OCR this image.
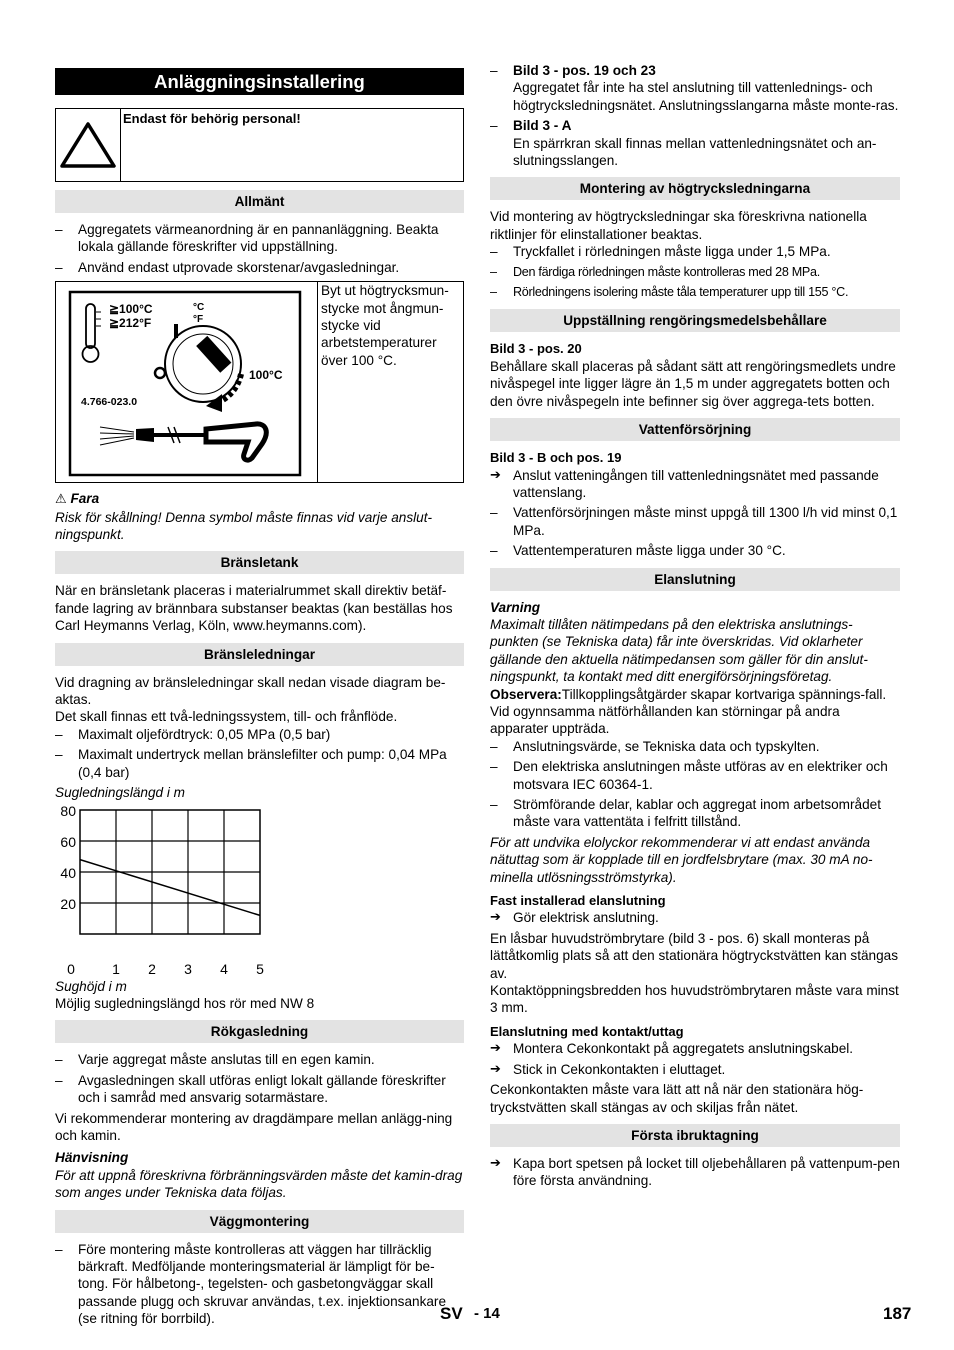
Anläggningsinstallering
Endast för behörig personal!
Allmänt
– Aggregatets värmeanordning är en pannanläggning. Beakta lokala gällande föreskrifter vid uppställning.
– Använd endast utprovade skorstenar/avgasledningar.
≧100°C
≧212°F
°C
°F
100°C
4.766-023.0
Byt ut högtrycksmun-stycke mot ångmun-stycke vid arbetstemperaturer över 100 °C.

⚠ Fara

Risk för skållning! Denna symbol måste finnas vid varje anslut-ningspunkt.

Bränsletank

När en bränsletank placeras i materialrummet skall direktiv betäf-fande lagring av brännbara substanser beaktas (kan beställas hos Carl Heymanns Verlag, Köln, www.heymanns.com).

Bränsleledningar

Vid dragning av bränsleledningar skall nedan visade diagram be-aktas.

Det skall finnas ett två-ledningssystem, till- och frånflöde.

– Maximalt oljefördtryck: 0,05 MPa (0,5 bar)
– Maximalt undertryck mellan bränslefilter och pump: 0,04 MPa (0,4 bar)

Sugledningslängd i m

80
60
40
20
0	1 2 3 4 5

Sughöjd i m

Möjlig sugledningslängd hos rör med NW 8

Rökgasledning
– Varje aggregat måste anslutas till en egen kamin.
– Avgasledningen skall utföras enligt lokalt gällande föreskrifter och i samråd med ansvarig sotarmästare.

Vi rekommenderar montering av dragdämpare mellan anlägg-ning och kamin.

Hänvisning

För att uppnå föreskrivna förbränningsvärden måste det kamin-drag som anges under Tekniska data följas.

Väggmontering
– Före montering måste kontrolleras att väggen har tillräcklig bärkraft. Medföljande monteringsmaterial är lämpligt för be-tong. För hålbetong-, tegelsten- och gasbetongväggar skall passande plugg och skruvar användas, t.ex. injektionsankare (se ritning för borrbild).
– Bild 3 - pos. 19 och 23
Aggregatet får inte ha stel anslutning till vattenlednings- och högtrycksledningsnätet. Anslutningsslangarna måste monte-ras.
– Bild 3 - A
En spärrkran skall finnas mellan vattenledningsnätet och an-slutningsslangen.
Montering av högtrycksledningarna

Vid montering av högtrycksledningar ska föreskrivna nationella riktlinjer för elinstallationer beaktas.

– Tryckfallet i rörledningen måste ligga under 1,5 MPa.
– Den färdiga rörledningen måste kontrolleras med 28 MPa.
– Rörledningens isolering måste tåla temperaturer upp till 155 °C.
Uppställning rengöringsmedelsbehållare

Bild 3 - pos. 20

Behållare skall placeras på sådant sätt att rengöringsmedlets undre nivåspegel inte ligger lägre än 1,5 m under aggregatets botten och den övre nivåspegeln inte befinner sig över aggrega-tets botten.

Vattenförsörjning

Bild 3 - B och pos. 19

➔ Anslut vatteningången till vattenledningsnätet med passande vattenslang.
– Vattenförsörjningen måste minst uppgå till 1300 l/h vid minst 0,1 MPa.
– Vattentemperaturen måste ligga under 30 °C.
Elanslutning

Varning

Maximalt tillåten nätimpedans på den elektriska anslutnings-punkten (se Tekniska data) får inte överskridas. Vid oklarheter gällande den aktuella nätimpedansen som gäller för din anslut-ningspunkt, ta kontakt med ditt energiförsörjningsföretag.

Observera:Tillkopplingsåtgärder skapar kortvariga spännings-fall. Vid ogynnsamma nätförhållanden kan störningar på andra apparater uppträda.

– Anslutningsvärde, se Tekniska data och typskylten.
– Den elektriska anslutningen måste utföras av en elektriker och motsvara IEC 60364-1.
– Strömförande delar, kablar och aggregat inom arbetsområdet måste vara vattentäta i felfritt tillstånd.

För att undvika elolyckor rekommenderar vi att endast använda nätuttag som är kopplade till en jordfelsbrytare (max. 30 mA no-minella utlösningsströmstyrka).

Fast installerad elanslutning

➔ Gör elektrisk anslutning.

En låsbar huvudströmbrytare (bild 3 - pos. 6) skall monteras på lättåtkomlig plats så att den stationära högtryckstvätten kan stängas av.

Kontaktöppningsbredden hos huvudströmbrytaren måste vara minst 3 mm.

Elanslutning med kontakt/uttag

➔ Montera Cekonkontakt på aggregatets anslutningskabel.
➔ Stick in Cekonkontakten i eluttaget.

Cekonkontakten måste vara lätt att nå när den stationära hög-tryckstvätten skall stängas av och skiljas från nätet.

Första ibruktagning
➔ Kapa bort spetsen på locket till oljebehållaren på vattenpum-pen före första användning.
SV - 14	187
